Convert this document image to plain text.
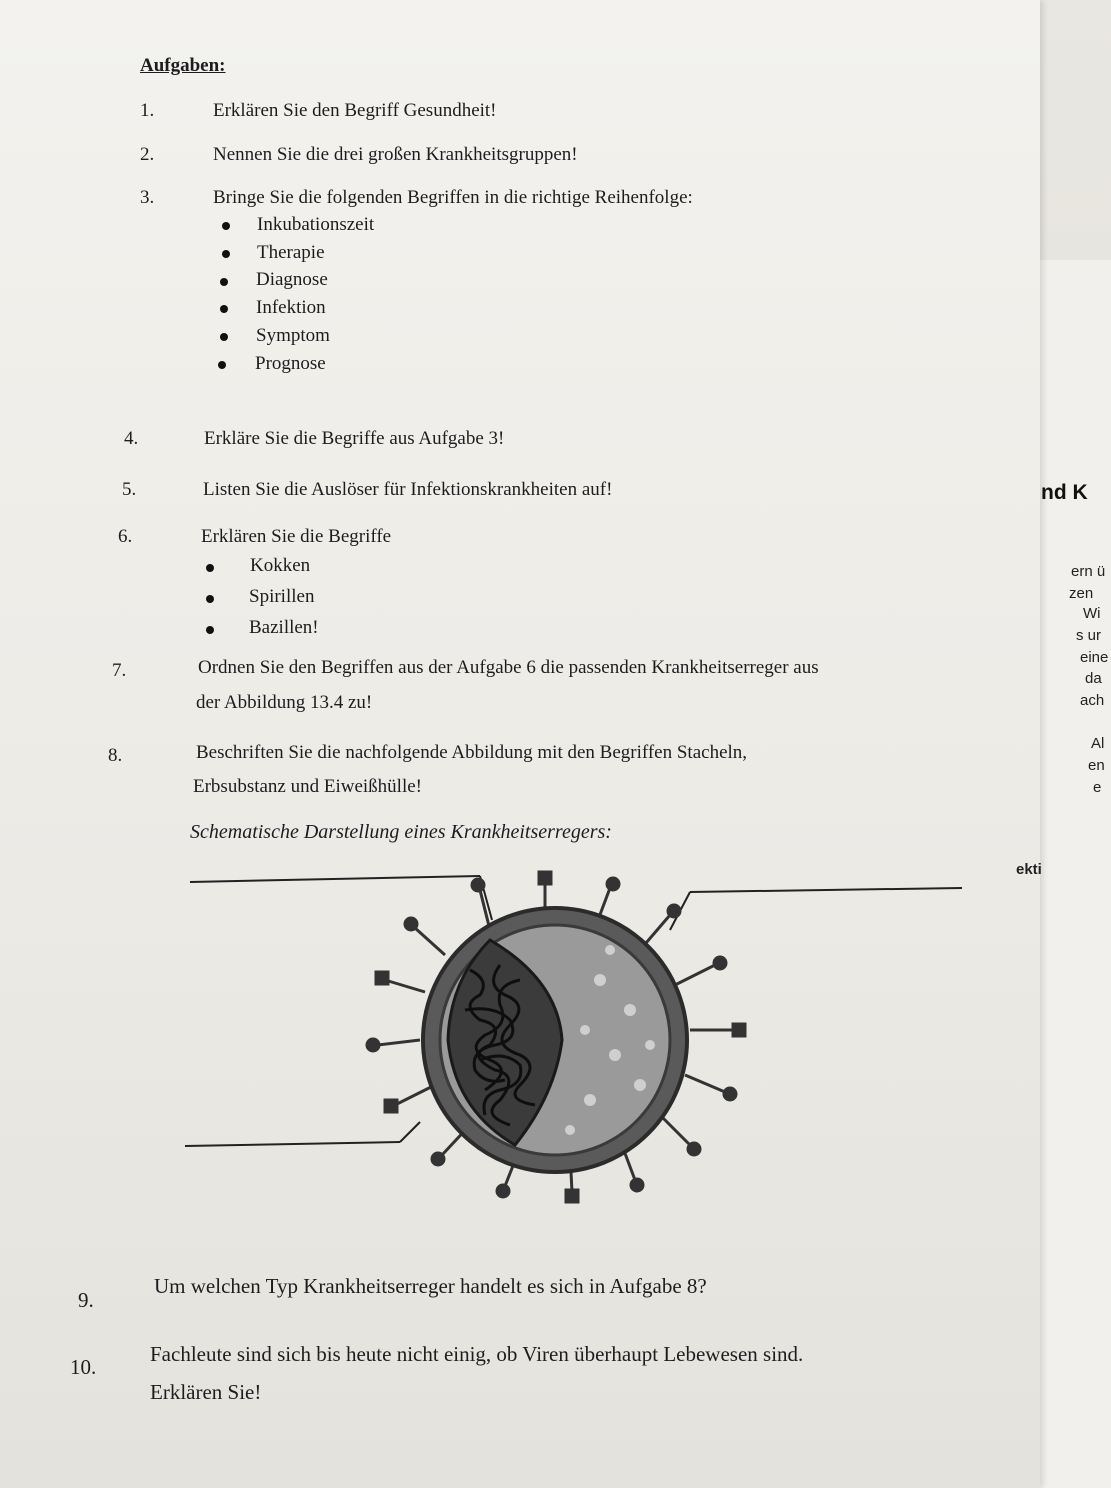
Aufgaben:
1.	Erklären Sie den Begriff Gesundheit!
2.	Nennen Sie die drei großen Krankheitsgruppen!
3.	Bringe Sie die folgenden Begriffen in die richtige Reihenfolge:
Inkubationszeit
Therapie
Diagnose
Infektion
Symptom
Prognose
4.	Erkläre Sie die Begriffe aus Aufgabe 3!
5.	Listen Sie die Auslöser für Infektionskrankheiten auf!
6.	Erklären Sie die Begriffe
Kokken
Spirillen
Bazillen!
7.	Ordnen Sie den Begriffen aus der Aufgabe 6 die passenden Krankheitserreger aus
der Abbildung 13.4 zu!
8.	Beschriften Sie die nachfolgende Abbildung mit den Begriffen Stacheln,
Erbsubstanz und Eiweißhülle!
Schematische Darstellung eines Krankheitserregers:
9.
Um welchen Typ Krankheitserreger handelt es sich in Aufgabe 8?
10.
Fachleute sind sich bis heute nicht einig, ob Viren überhaupt Lebewesen sind.
Erklären Sie!
nd K
ern ü
zen
Wi
s ur
eine
da
ach
Al
en
e
ekti
